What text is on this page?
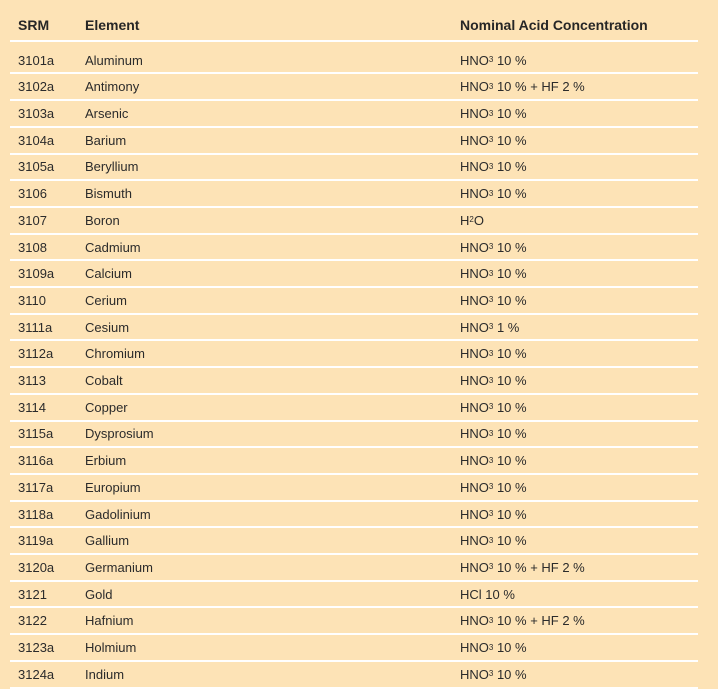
SRM	Element	Nominal Acid Concentration
3101a Aluminum	HNO 3 10 %
3102a Antimony	HNO 3 10 % + HF 2 %
3103a Arsenic	HNO 3 10 %
3104a Barium	HNO 3 10 %
3105a Beryllium	HNO 3 10 %
3106	Bismuth	HNO 3 10 %
3107	Boron	H 2 O
3108	Cadmium	HNO 3 10 %
3109a Calcium	HNO 3 10 %
3110	Cerium	HNO 3 10 %
3111a	Cesium	HNO 3 1 %
3112a Chromium	HNO 3 10 %
3113	Cobalt	HNO 3 10 %
3114	Copper	HNO 3 10 %
3115a Dysprosium	HNO 3 10 %
3116a Erbium	HNO 3 10 %
3117a Europium	HNO 3 10 %
3118a Gadolinium	HNO 3 10 %
3119a Gallium	HNO 3 10 %
3120a Germanium	HNO 3 10 % + HF 2 %
3121	Gold	HCl 10 %
3122	Hafnium	HNO 3 10 % + HF 2 %
3123a Holmium	HNO 3 10 %
3124a Indium	HNO 3 10 %
